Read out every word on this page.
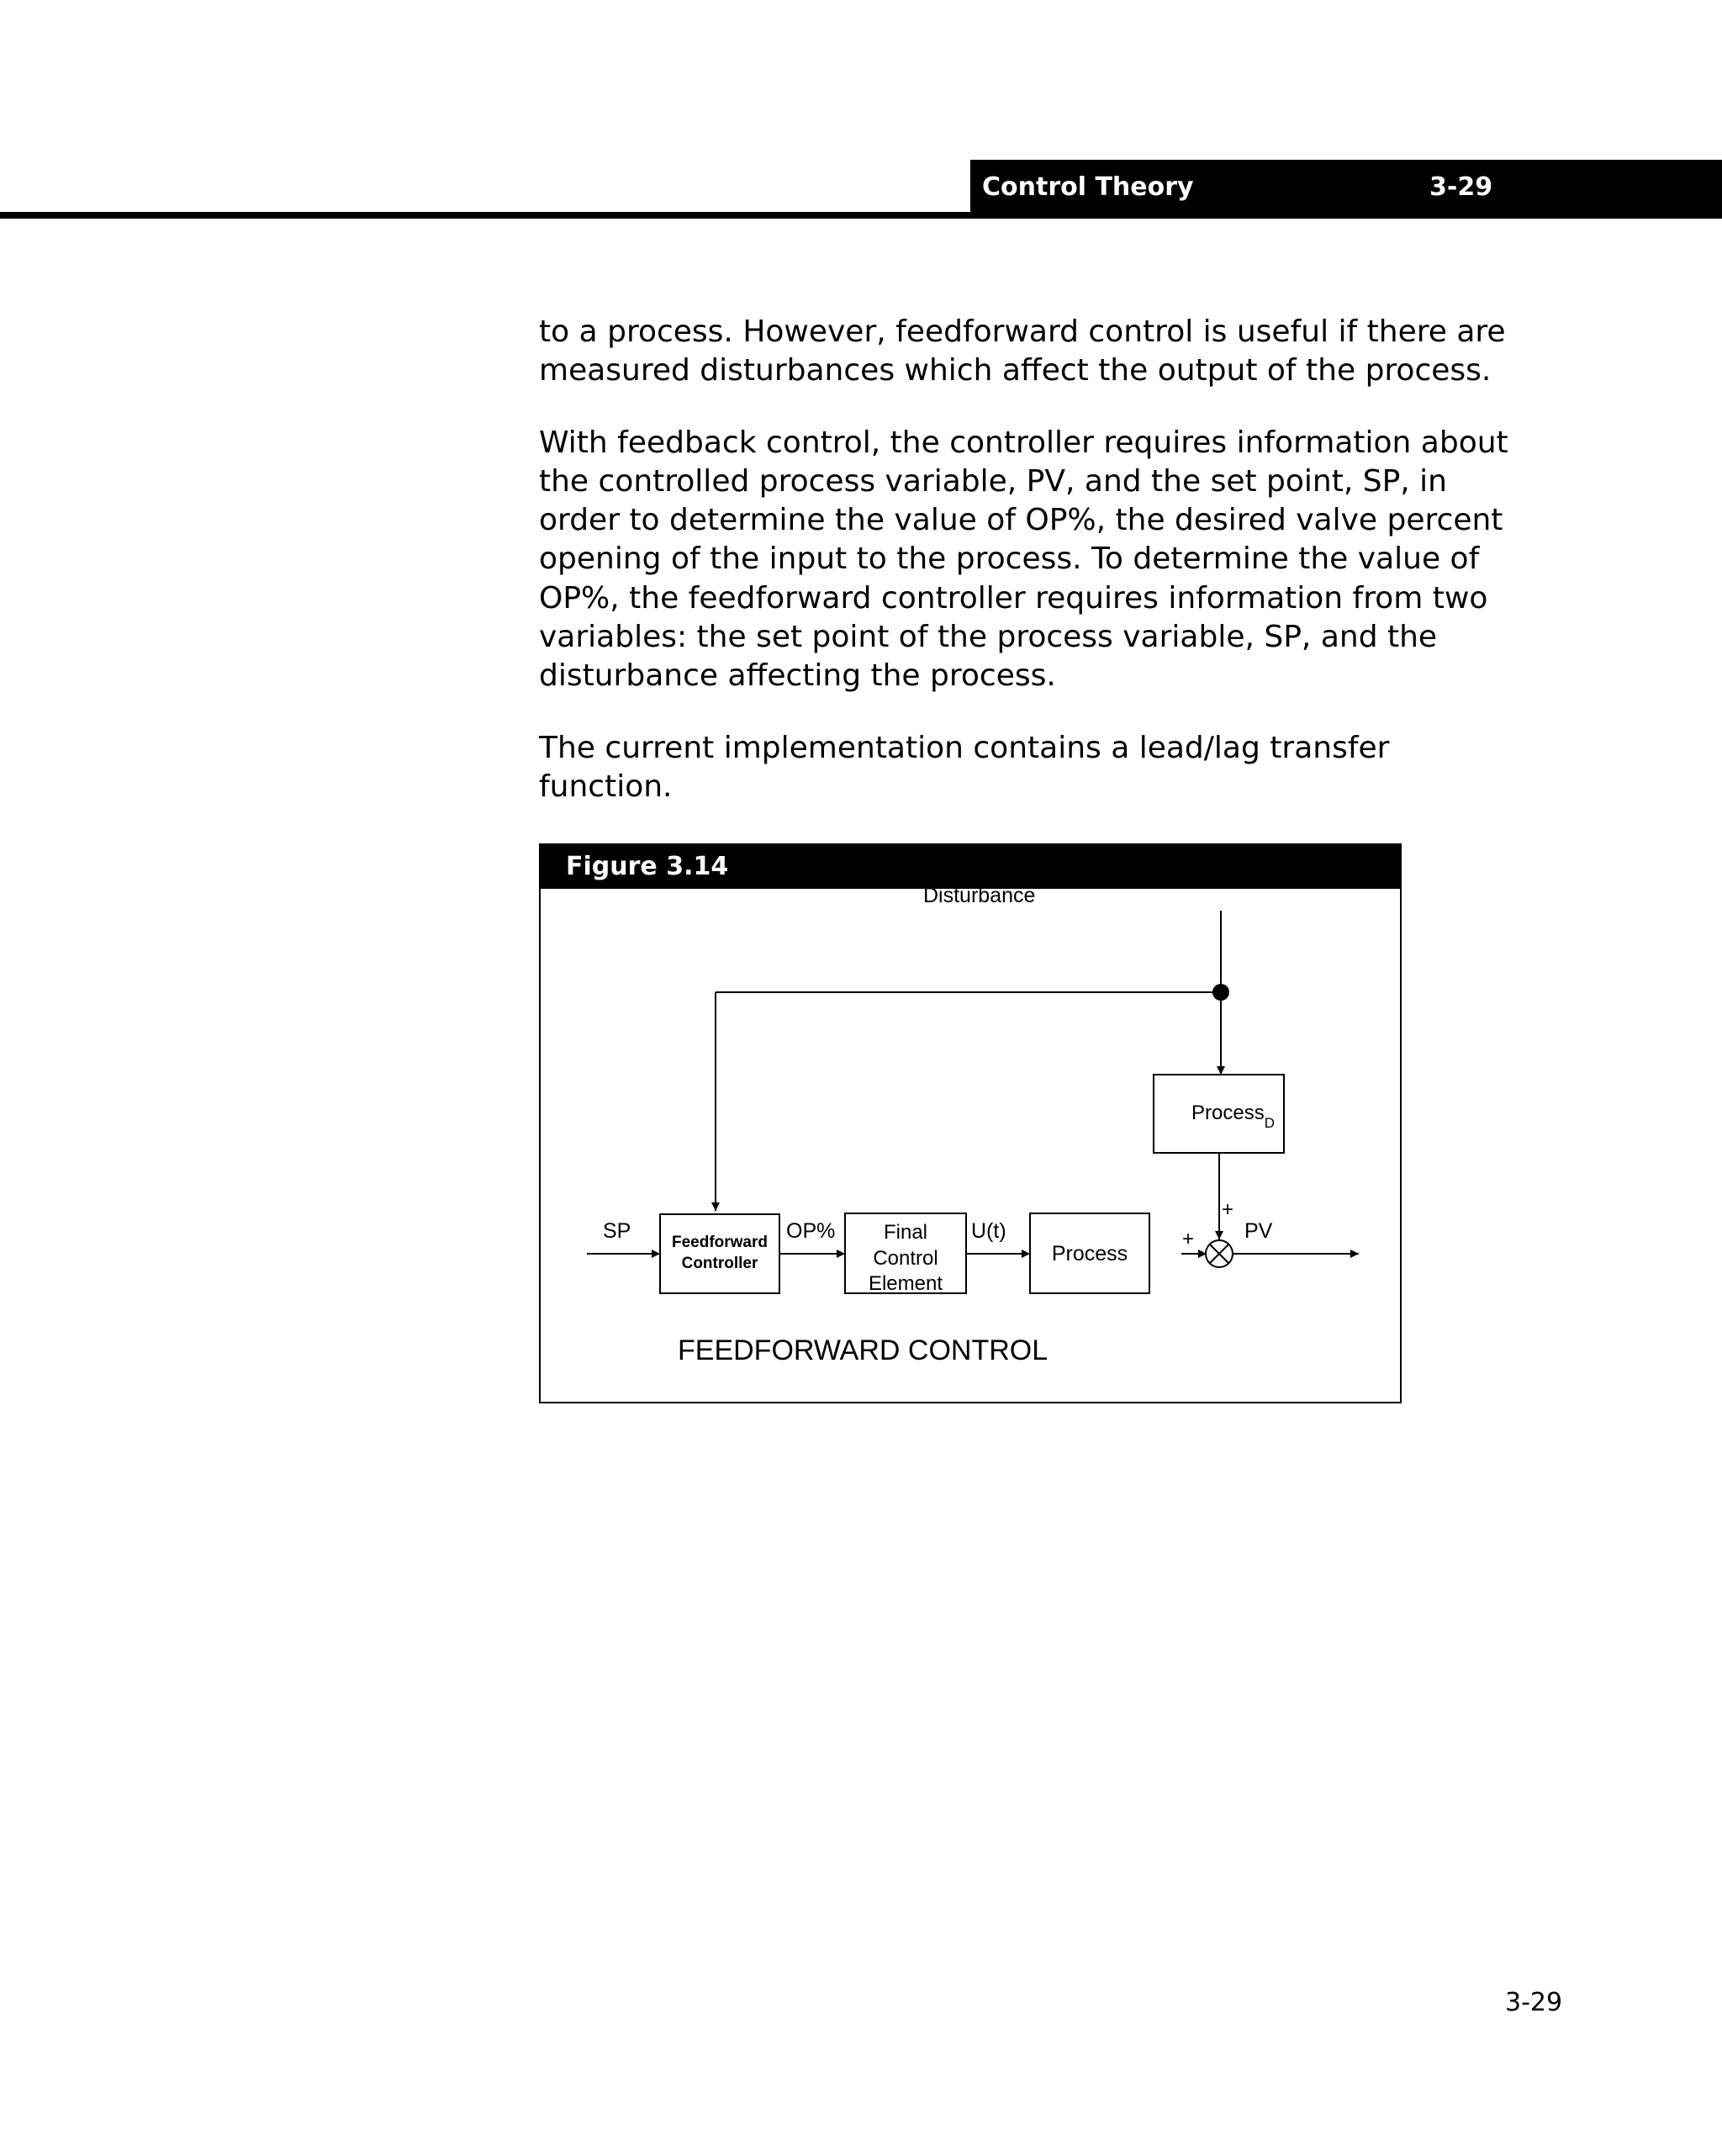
Control Theory	3-29

to a process. However, feedforward control is useful if there are
measured disturbances which affect the output of the process.

With feedback control, the controller requires information about
the controlled process variable, PV, and the set point, SP, in
order to determine the value of OP%, the desired valve percent
opening of the input to the process. To determine the value of
OP%, the feedforward controller requires information from two
variables: the set point of the process variable, SP, and the
disturbance affecting the process.

The current implementation contains a lead/lag transfer
function.

Figure 3.14
Disturbance
Process$_D$
+
SP	Feedforward
Controller
OP% Final
Control
Element
U(t)
Process
+ PV
FEEDFORWARD CONTROL
3-29
